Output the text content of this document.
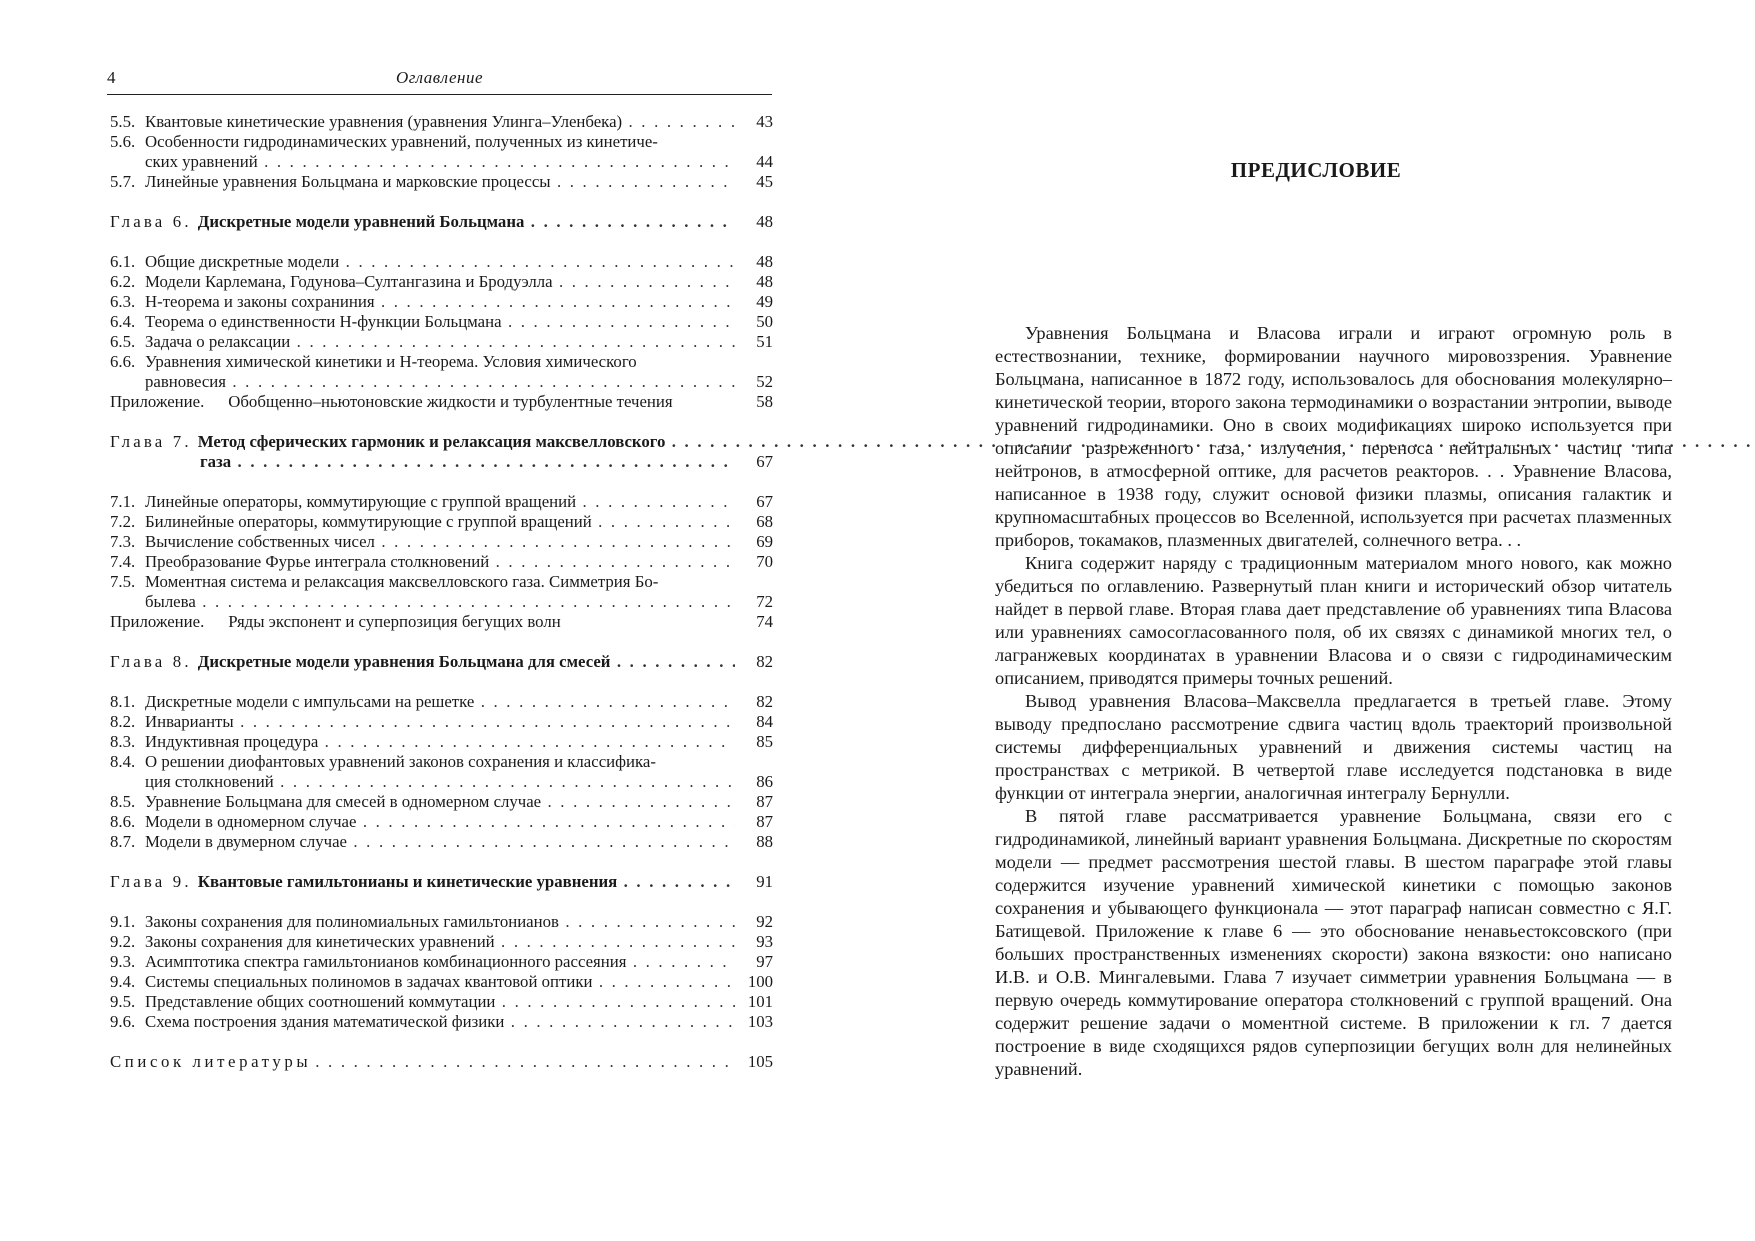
4	Оглавление
5.5. Квантовые кинетические уравнения (уравнения Улинга–Уленбека) . . .	43
5.6. Особенности гидродинамических уравнений, полученных из кинетиче-
ских уравнений . . .	44
5.7. Линейные уравнения Больцмана и марковские процессы . . .	45
Глава 6. Дискретные модели уравнений Больцмана . . .	48
6.1. Общие дискретные модели . . .	48
6.2. Модели Карлемана, Годунова–Султангазина и Бродуэлла . . .	48
6.3. H-теорема и законы сохраниния . . .	49
6.4. Теорема о единственности H-функции Больцмана . . .	50
6.5. Задача о релаксации . . .	51
6.6. Уравнения химической кинетики и H-теорема. Условия химического
равновесия . . .	52
Приложение. Обобщенно–ньютоновские жидкости и турбулентные течения	58
Глава 7. Метод сферических гармоник и релаксация максвелловского . . .
газа . . .	67
7.1. Линейные операторы, коммутирующие с группой вращений . . .	67
7.2. Билинейные операторы, коммутирующие с группой вращений . . .	68
7.3. Вычисление собственных чисел . . .	69
7.4. Преобразование Фурье интеграла столкновений . . .	70
7.5. Моментная система и релаксация максвелловского газа. Симметрия Бо-
былева . . .	72
Приложение. Ряды экспонент и суперпозиция бегущих волн	74
Глава 8. Дискретные модели уравнения Больцмана для смесей . . .	82
8.1. Дискретные модели с импульсами на решетке . . .	82
8.2. Инварианты . . .	84
8.3. Индуктивная процедура . . .	85
8.4. О решении диофантовых уравнений законов сохранения и классифика-
ция столкновений . . .	86
8.5. Уравнение Больцмана для смесей в одномерном случае . . .	87
8.6. Модели в одномерном случае . . .	87
8.7. Модели в двумерном случае . . .	88
Глава 9. Квантовые гамильтонианы и кинетические уравнения . . .	91
9.1. Законы сохранения для полиномиальных гамильтонианов . . .	92
9.2. Законы сохранения для кинетических уравнений . . .	93
9.3. Асимптотика спектра гамильтонианов комбинационного рассеяния . . .	97
9.4. Системы специальных полиномов в задачах квантовой оптики . . .	100
9.5. Представление общих соотношений коммутации . . .	101
9.6. Схема построения здания математической физики . . .	103
Список литературы . . .	105
ПРЕДИСЛОВИЕ

Уравнения Больцмана и Власова играли и играют огромную роль в естествознании, технике, формировании научного мировоззрения. Уравнение Больцмана, написанное в 1872 году, использовалось для обоснования молекулярно–кинетической теории, второго закона термодинамики о возрастании энтропии, выводе уравнений гидродинамики. Оно в своих модификациях широко используется при описании разреженного газа, излучения, переноса нейтральных частиц типа нейтронов, в атмосферной оптике, для расчетов реакторов. . . Уравнение Власова, написанное в 1938 году, служит основой физики плазмы, описания галактик и крупномасштабных процессов во Вселенной, используется при расчетах плазменных приборов, токамаков, плазменных двигателей, солнечного ветра. . .

Книга содержит наряду с традиционным материалом много нового, как можно убедиться по оглавлению. Развернутый план книги и исторический обзор читатель найдет в первой главе. Вторая глава дает представление об уравнениях типа Власова или уравнениях самосогласованного поля, об их связях с динамикой многих тел, о лагранжевых координатах в уравнении Власова и о связи с гидродинамическим описанием, приводятся примеры точных решений.

Вывод уравнения Власова–Максвелла предлагается в третьей главе. Этому выводу предпослано рассмотрение сдвига частиц вдоль траекторий произвольной системы дифференциальных уравнений и движения системы частиц на пространствах с метрикой. В четвертой главе исследуется подстановка в виде функции от интеграла энергии, аналогичная интегралу Бернулли.

В пятой главе рассматривается уравнение Больцмана, связи его с гидродинамикой, линейный вариант уравнения Больцмана. Дискретные по скоростям модели — предмет рассмотрения шестой главы. В шестом параграфе этой главы содержится изучение уравнений химической кинетики с помощью законов сохранения и убывающего функционала — этот параграф написан совместно с Я.Г. Батищевой. Приложение к главе 6 — это обоснование ненавьестоксовского (при больших пространственных изменениях скорости) закона вязкости: оно написано И.В. и О.В. Мингалевыми. Глава 7 изучает симметрии уравнения Больцмана — в первую очередь коммутирование оператора столкновений с группой вращений. Она содержит решение задачи о моментной системе. В приложении к гл. 7 дается построение в виде сходящихся рядов суперпозиции бегущих волн для нелинейных уравнений.
